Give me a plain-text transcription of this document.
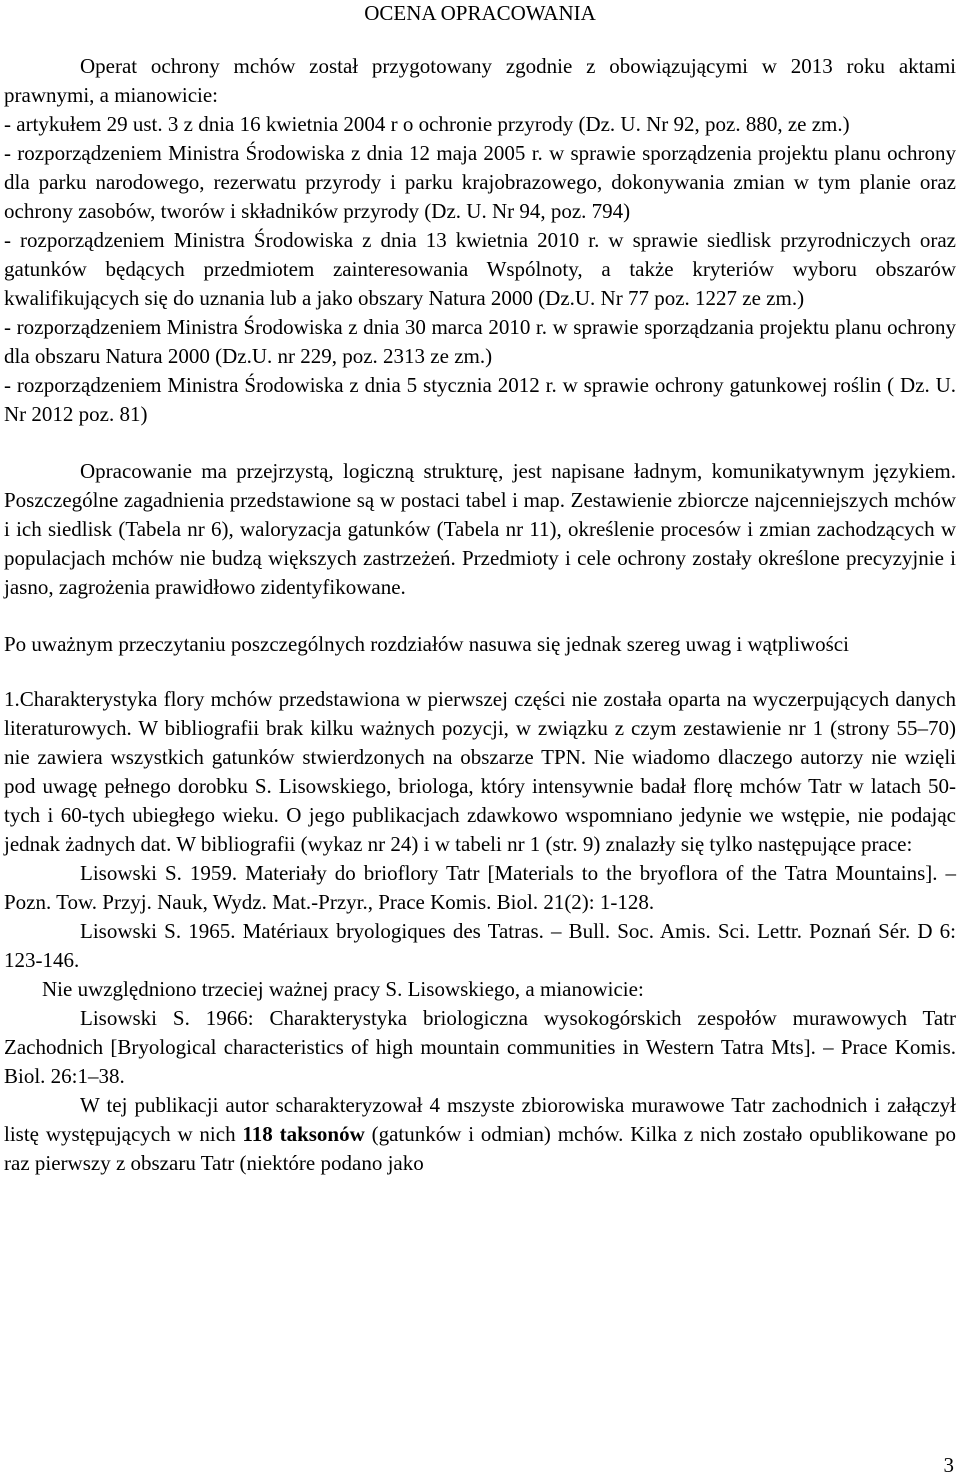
OCENA OPRACOWANIA

Operat ochrony mchów został przygotowany zgodnie z obowiązującymi w 2013 roku aktami prawnymi, a mianowicie:

- artykułem 29 ust. 3 z dnia 16 kwietnia 2004 r o ochronie przyrody (Dz. U. Nr 92, poz. 880, ze zm.)

- rozporządzeniem Ministra Środowiska z dnia 12 maja 2005 r. w sprawie sporządzenia projektu planu ochrony dla parku narodowego, rezerwatu przyrody i parku krajobrazowego, dokonywania zmian w tym planie oraz ochrony zasobów, tworów i składników przyrody (Dz. U. Nr 94, poz. 794)

- rozporządzeniem Ministra Środowiska z dnia 13 kwietnia 2010 r. w sprawie siedlisk przyrodniczych oraz gatunków będących przedmiotem zainteresowania Wspólnoty, a także kryteriów wyboru obszarów kwalifikujących się do uznania lub a jako obszary Natura 2000 (Dz.U. Nr 77 poz. 1227 ze zm.)

- rozporządzeniem Ministra Środowiska z dnia 30 marca 2010 r. w sprawie sporządzania projektu planu ochrony dla obszaru Natura 2000 (Dz.U. nr 229, poz. 2313 ze zm.)

- rozporządzeniem Ministra Środowiska z dnia 5 stycznia 2012 r. w sprawie ochrony gatunkowej roślin ( Dz. U. Nr 2012 poz. 81)

Opracowanie ma przejrzystą, logiczną strukturę, jest napisane ładnym, komunikatywnym językiem. Poszczególne zagadnienia przedstawione są w postaci tabel i map. Zestawienie zbiorcze najcenniejszych mchów i ich siedlisk (Tabela nr 6), waloryzacja gatunków (Tabela nr 11), określenie procesów i zmian zachodzących w populacjach mchów nie budzą większych zastrzeżeń. Przedmioty i cele ochrony zostały określone precyzyjnie i jasno, zagrożenia prawidłowo zidentyfikowane.

Po uważnym przeczytaniu poszczególnych rozdziałów nasuwa się jednak szereg uwag i wątpliwości

1.Charakterystyka flory mchów przedstawiona w pierwszej części nie została oparta na wyczerpujących danych literaturowych. W bibliografii brak kilku ważnych pozycji, w związku z czym zestawienie nr 1 (strony 55–70) nie zawiera wszystkich gatunków stwierdzonych na obszarze TPN. Nie wiadomo dlaczego autorzy nie wzięli pod uwagę pełnego dorobku S. Lisowskiego, briologa, który intensywnie badał florę mchów Tatr w latach 50-tych i 60-tych ubiegłego wieku. O jego publikacjach zdawkowo wspomniano jedynie we wstępie, nie podając jednak żadnych dat. W bibliografii (wykaz nr 24) i w tabeli nr 1 (str. 9) znalazły się tylko następujące prace:

Lisowski S. 1959. Materiały do brioflory Tatr [Materials to the bryoflora of the Tatra Mountains]. – Pozn. Tow. Przyj. Nauk, Wydz. Mat.-Przyr., Prace Komis. Biol. 21(2): 1-128.

Lisowski S. 1965. Matériaux bryologiques des Tatras. – Bull. Soc. Amis. Sci. Lettr. Poznań Sér. D 6: 123-146.

Nie uwzględniono trzeciej ważnej pracy S. Lisowskiego, a mianowicie:

Lisowski S. 1966: Charakterystyka briologiczna wysokogórskich zespołów murawowych Tatr Zachodnich [Bryological characteristics of high mountain communities in Western Tatra Mts]. – Prace Komis. Biol. 26:1–38.

W tej publikacji autor scharakteryzował 4 mszyste zbiorowiska murawowe Tatr zachodnich i załączył listę występujących w nich 118 taksonów (gatunków i odmian) mchów. Kilka z nich zostało opublikowane po raz pierwszy z obszaru Tatr (niektóre podano jako

3
